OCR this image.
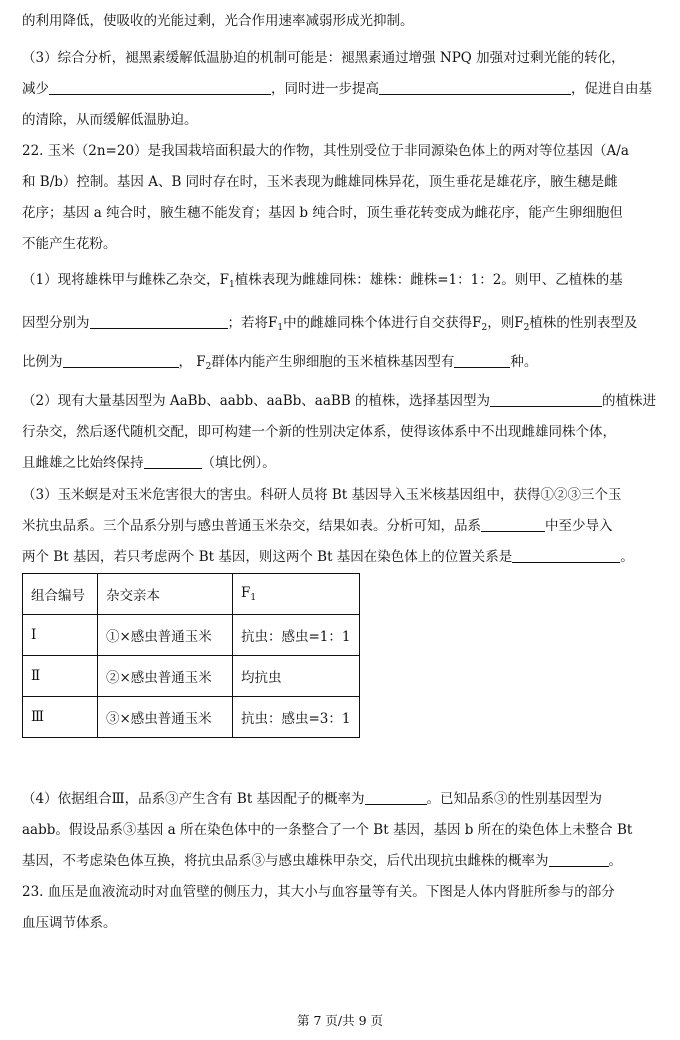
的利用降低，使吸收的光能过剩，光合作用速率减弱形成光抑制。
（3）综合分析，褪黑素缓解低温胁迫的机制可能是：褪黑素通过增强 NPQ 加强对过剩光能的转化，
减少	，同时进一步提高	，促进自由基
的清除，从而缓解低温胁迫。
22. 玉米（2n=20）是我国栽培面积最大的作物，其性别受位于非同源染色体上的两对等位基因（A/a
和 B/b）控制。基因 A、B 同时存在时，玉米表现为雌雄同株异花，顶生垂花是雄花序，腋生穗是雌
花序；基因 a 纯合时，腋生穗不能发育；基因 b 纯合时，顶生垂花转变成为雌花序，能产生卵细胞但
不能产生花粉。
（1）现将雄株甲与雌株乙杂交，$F_1$植株表现为雌雄同株：雄株：雌株=1：1：2。则甲、乙植株的基
因型分别为	；若将$F_1$中的雌雄同株个体进行自交获得$F_2$，则$F_2$植株的性别表型及
比例为	， $F_2$群体内能产生卵细胞的玉米植株基因型有	种。
（2）现有大量基因型为 AaBb、aabb、aaBb、aaBB 的植株，选择基因型为	的植株进
行杂交，然后逐代随机交配，即可构建一个新的性别决定体系，使得该体系中不出现雌雄同株个体，
且雌雄之比始终保持	（填比例）。
（3）玉米螟是对玉米危害很大的害虫。科研人员将 Bt 基因导入玉米核基因组中，获得①②③三个玉
米抗虫品系。三个品系分别与感虫普通玉米杂交，结果如表。分析可知，品系	中至少导入
两个 Bt 基因，若只考虑两个 Bt 基因，则这两个 Bt 基因在染色体上的位置关系是	。
组合编号	杂交亲本	$F_1$
Ⅰ	①×感虫普通玉米	抗虫：感虫=1：1
Ⅱ	②×感虫普通玉米	均抗虫
Ⅲ	③×感虫普通玉米	抗虫：感虫=3：1
（4）依据组合Ⅲ，品系③产生含有 Bt 基因配子的概率为	。已知品系③的性别基因型为
aabb。假设品系③基因 a 所在染色体中的一条整合了一个 Bt 基因，基因 b 所在的染色体上未整合 Bt
基因，不考虑染色体互换，将抗虫品系③与感虫雄株甲杂交，后代出现抗虫雌株的概率为	。
23. 血压是血液流动时对血管壁的侧压力，其大小与血容量等有关。下图是人体内肾脏所参与的部分
血压调节体系。
第 7 页/共 9 页
